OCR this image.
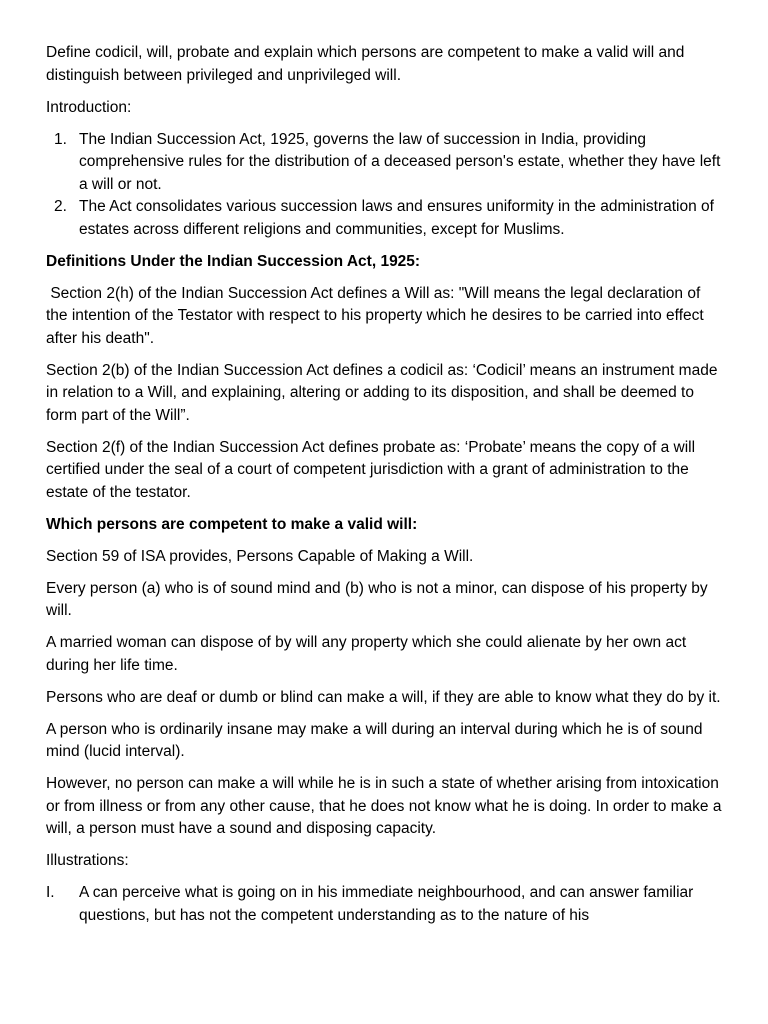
Define codicil, will, probate and explain which persons are competent to make a valid will and distinguish between privileged and unprivileged will.

Introduction:

1. The Indian Succession Act, 1925, governs the law of succession in India, providing comprehensive rules for the distribution of a deceased person's estate, whether they have left a will or not.
2. The Act consolidates various succession laws and ensures uniformity in the administration of estates across different religions and communities, except for Muslims.

Definitions Under the Indian Succession Act, 1925:

Section 2(h) of the Indian Succession Act defines a Will as: "Will means the legal declaration of the intention of the Testator with respect to his property which he desires to be carried into effect after his death".

Section 2(b) of the Indian Succession Act defines a codicil as: ‘Codicil’ means an instrument made in relation to a Will, and explaining, altering or adding to its disposition, and shall be deemed to form part of the Will”.

Section 2(f) of the Indian Succession Act defines probate as: ‘Probate’ means the copy of a will certified under the seal of a court of competent jurisdiction with a grant of administration to the estate of the testator.

Which persons are competent to make a valid will:

Section 59 of ISA provides, Persons Capable of Making a Will.

Every person (a) who is of sound mind and (b) who is not a minor, can dispose of his property by will.

A married woman can dispose of by will any property which she could alienate by her own act during her life time.

Persons who are deaf or dumb or blind can make a will, if they are able to know what they do by it.

A person who is ordinarily insane may make a will during an interval during which he is of sound mind (lucid interval).

However, no person can make a will while he is in such a state of whether arising from intoxication or from illness or from any other cause, that he does not know what he is doing. In order to make a will, a person must have a sound and disposing capacity.

Illustrations:

I. A can perceive what is going on in his immediate neighbourhood, and can answer familiar questions, but has not the competent understanding as to the nature of his
